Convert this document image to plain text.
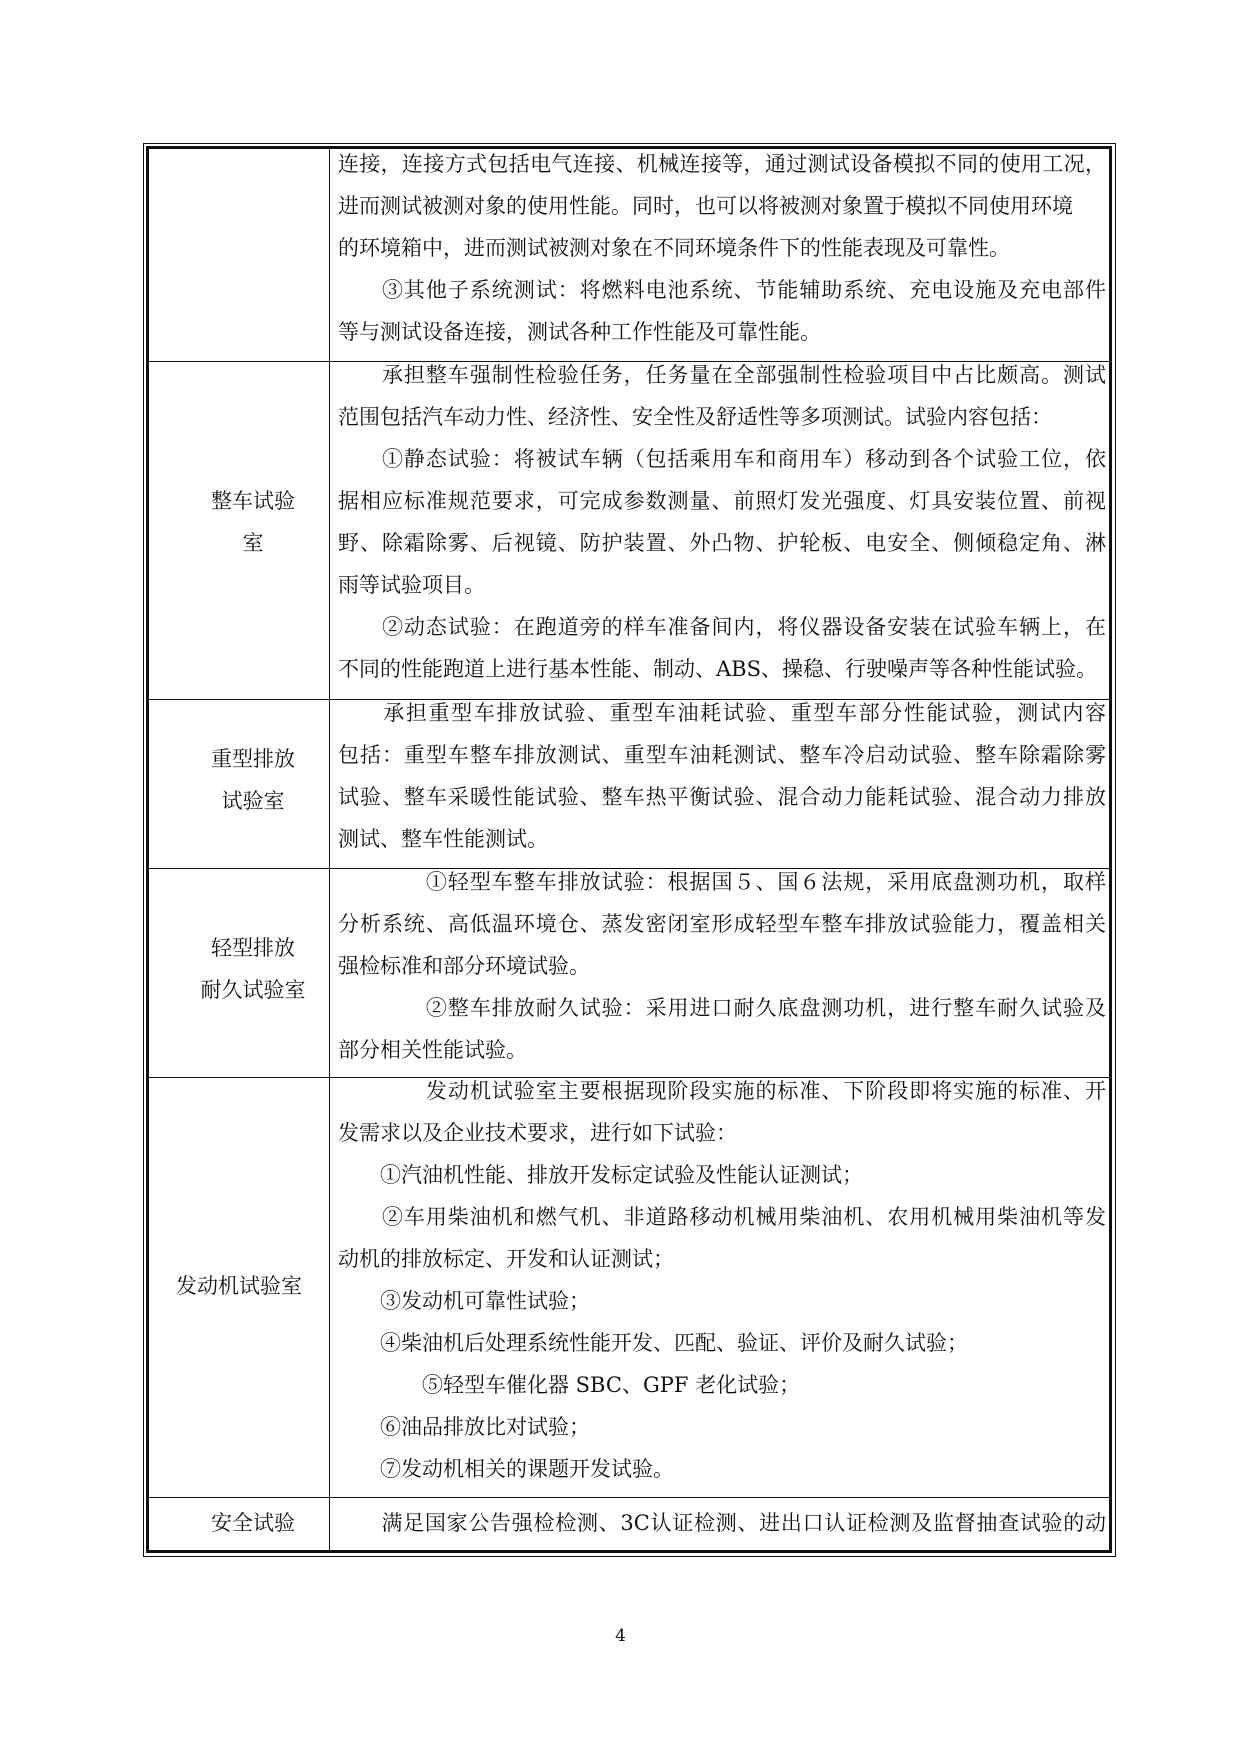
连接，连接方式包括电气连接、机械连接等，通过测试设备模拟不同的使用工况，

进而测试被测对象的使用性能。同时，也可以将被测对象置于模拟不同使用环境

的环境箱中，进而测试被测对象在不同环境条件下的性能表现及可靠性。

　　③其他子系统测试：将燃料电池系统、节能辅助系统、充电设施及充电部件

等与测试设备连接，测试各种工作性能及可靠性能。

整车试验
室

　　承担整车强制性检验任务，任务量在全部强制性检验项目中占比颇高。测试

范围包括汽车动力性、经济性、安全性及舒适性等多项测试。试验内容包括：

　　①静态试验：将被试车辆（包括乘用车和商用车）移动到各个试验工位，依

据相应标准规范要求，可完成参数测量、前照灯发光强度、灯具安装位置、前视

野、除霜除雾、后视镜、防护装置、外凸物、护轮板、电安全、侧倾稳定角、淋

雨等试验项目。

　　②动态试验：在跑道旁的样车准备间内，将仪器设备安装在试验车辆上，在

不同的性能跑道上进行基本性能、制动、ABS、操稳、行驶噪声等各种性能试验。

重型排放
试验室

　　承担重型车排放试验、重型车油耗试验、重型车部分性能试验，测试内容

包括：重型车整车排放测试、重型车油耗测试、整车冷启动试验、整车除霜除雾

试验、整车采暖性能试验、整车热平衡试验、混合动力能耗试验、混合动力排放

测试、整车性能测试。

轻型排放
耐久试验室

　　　　①轻型车整车排放试验：根据国５、国６法规，采用底盘测功机，取样

分析系统、高低温环境仓、蒸发密闭室形成轻型车整车排放试验能力，覆盖相关

强检标准和部分环境试验。

　　　　②整车排放耐久试验：采用进口耐久底盘测功机，进行整车耐久试验及

部分相关性能试验。

发动机试验室

　　　　发动机试验室主要根据现阶段实施的标准、下阶段即将实施的标准、开

发需求以及企业技术要求，进行如下试验：

　　①汽油机性能、排放开发标定试验及性能认证测试；

　　②车用柴油机和燃气机、非道路移动机械用柴油机、农用机械用柴油机等发

动机的排放标定、开发和认证测试；

　　③发动机可靠性试验；

　　④柴油机后处理系统性能开发、匹配、验证、评价及耐久试验；

　　　　⑤轻型车催化器 SBC、GPF 老化试验；

　　⑥油品排放比对试验；

　　⑦发动机相关的课题开发试验。

安全试验	　　满足国家公告强检检测、3C认证检测、进出口认证检测及监督抽查试验的动

4
